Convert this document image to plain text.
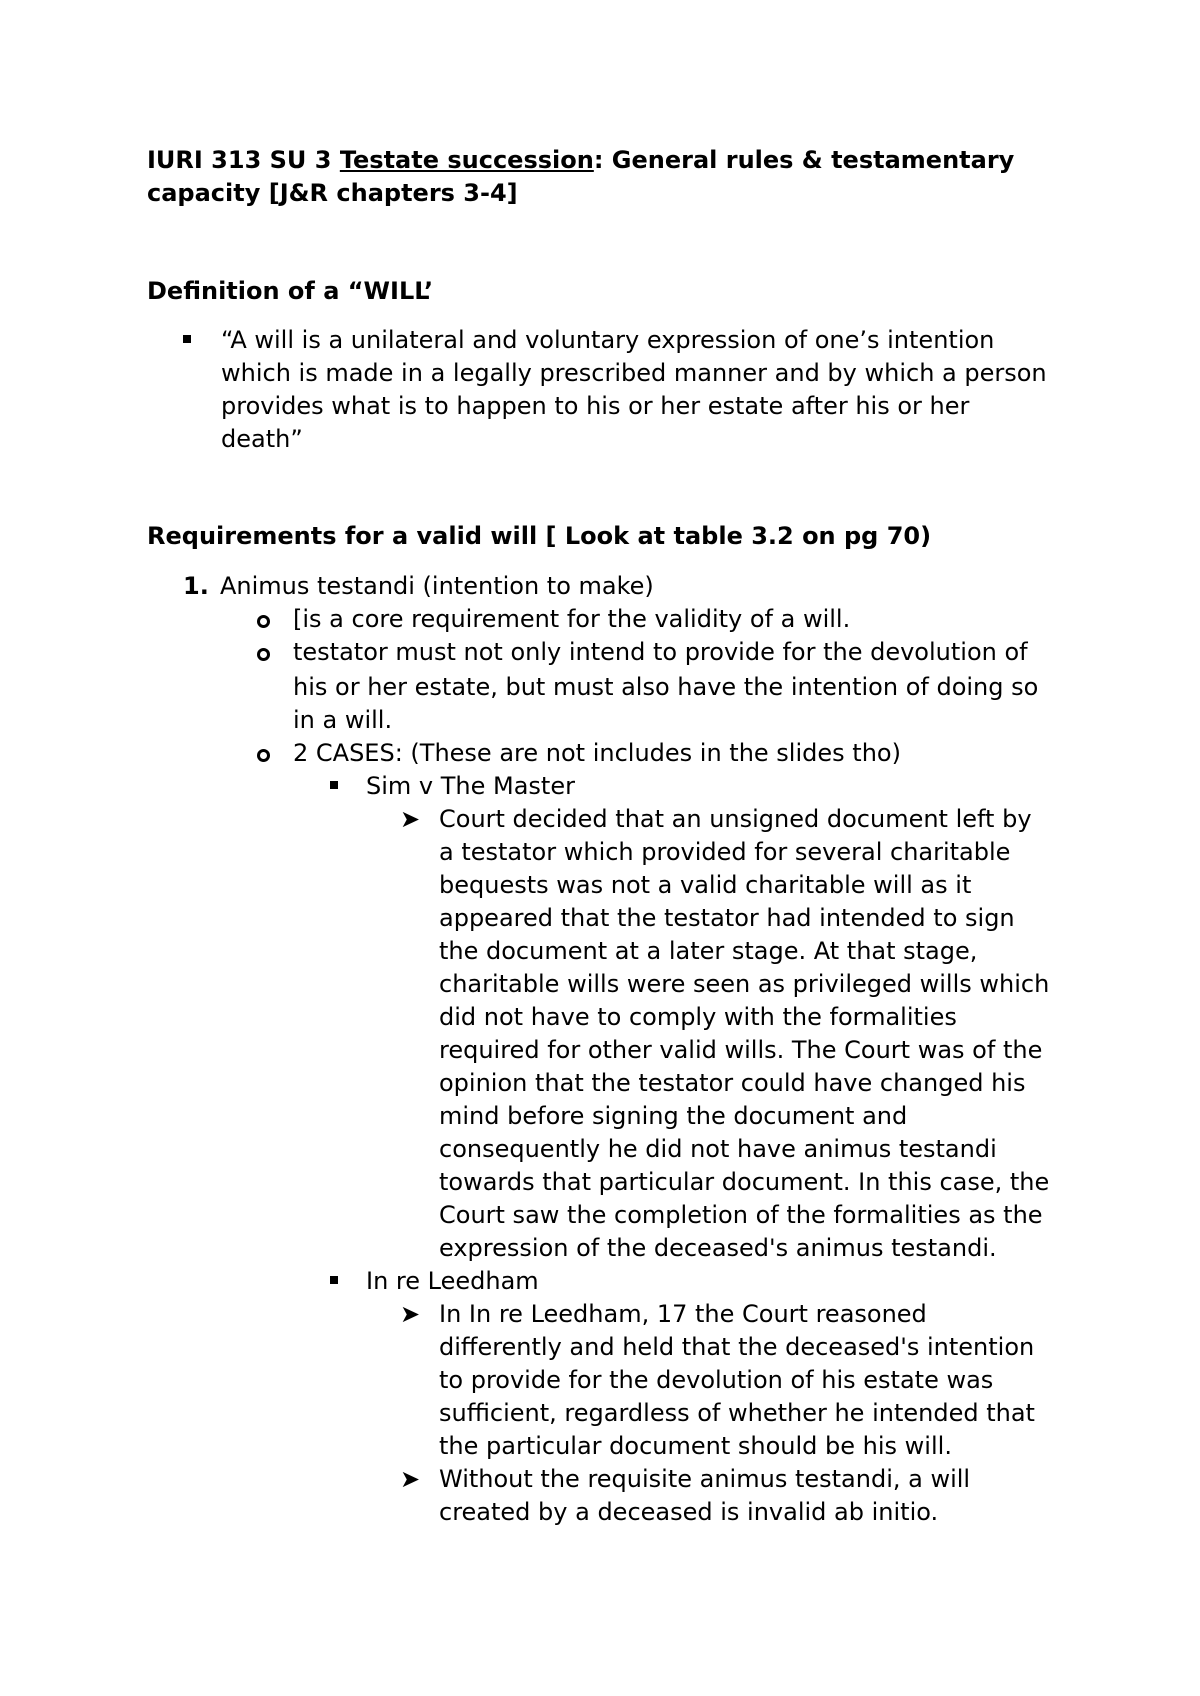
IURI 313 SU 3 Testate succession: General rules & testamentary capacity [J&R chapters 3-4]
Definition of a “WILL’
“A will is a unilateral and voluntary expression of one’s intention
which is made in a legally prescribed manner and by which a person
provides what is to happen to his or her estate after his or her
death”
Requirements for a valid will [ Look at table 3.2 on pg 70)
1. Animus testandi (intention to make)
[is a core requirement for the validity of a will.
testator must not only intend to provide for the devolution of
his or her estate, but must also have the intention of doing so
in a will.
2 CASES: (These are not includes in the slides tho)
Sim v The Master
➤ Court decided that an unsigned document left by
a testator which provided for several charitable
bequests was not a valid charitable will as it
appeared that the testator had intended to sign
the document at a later stage. At that stage,
charitable wills were seen as privileged wills which
did not have to comply with the formalities
required for other valid wills. The Court was of the
opinion that the testator could have changed his
mind before signing the document and
consequently he did not have animus testandi
towards that particular document. In this case, the
Court saw the completion of the formalities as the
expression of the deceased's animus testandi.
In re Leedham
➤ In In re Leedham, 17 the Court reasoned
differently and held that the deceased's intention
to provide for the devolution of his estate was
sufficient, regardless of whether he intended that
the particular document should be his will.
➤ Without the requisite animus testandi, a will
created by a deceased is invalid ab initio.
